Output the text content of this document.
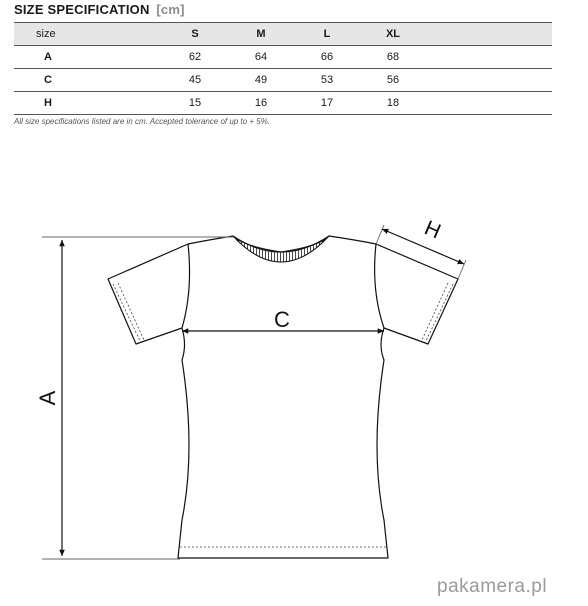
SIZE SPECIFICATION [cm]
size	S	M	L	XL	
A	62	64	66	68	
C	45	49	53	56	
H	15	16	17	18	
All size specifications listed are in cm. Accepted tolerance of up to + 5%.
A
C
H
pakamera.pl
